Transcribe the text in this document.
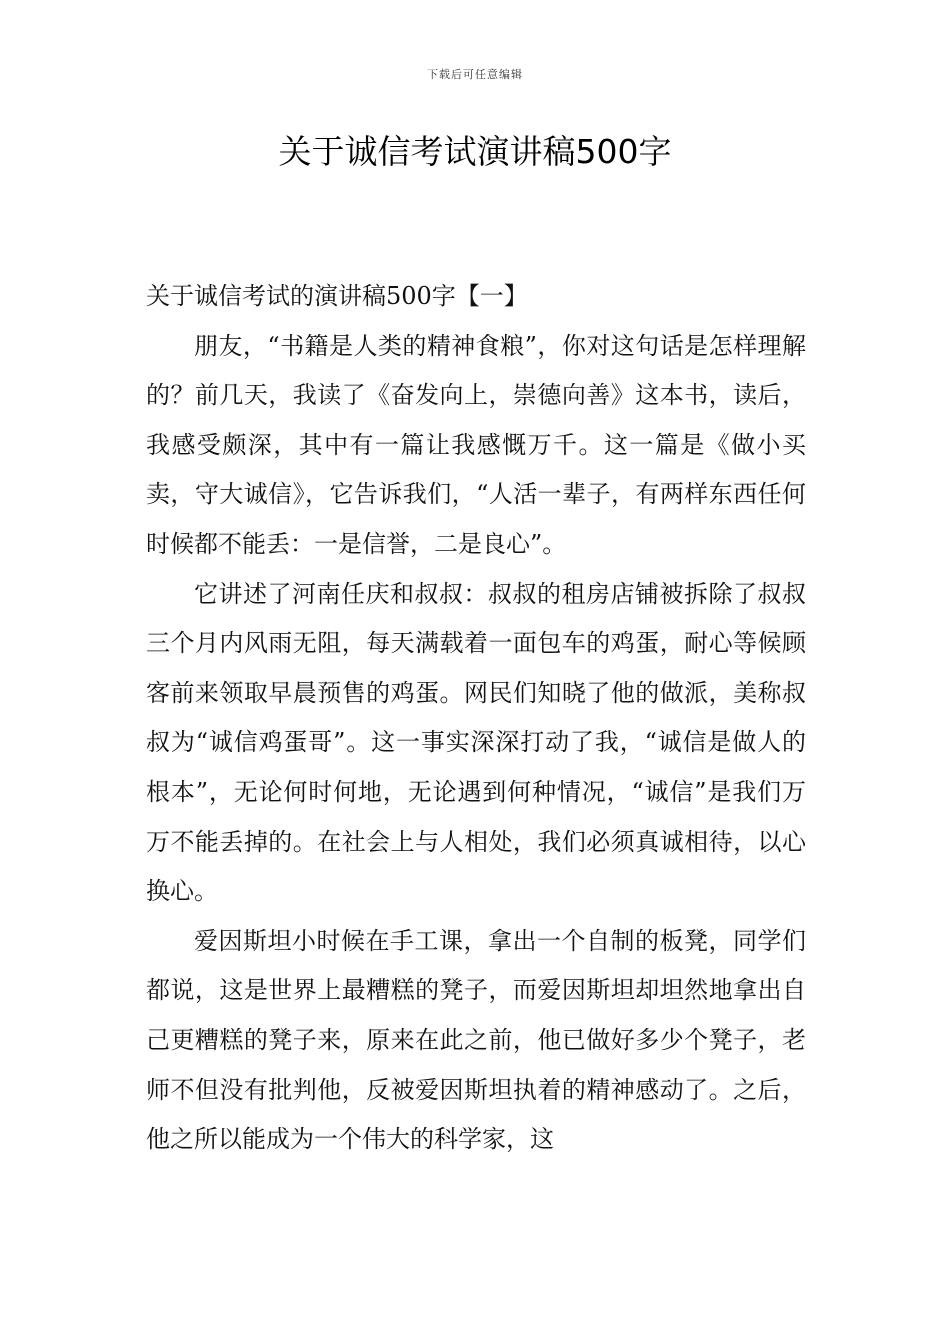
下载后可任意编辑
关于诚信考试演讲稿500字

关于诚信考试的演讲稿500字【一】

朋友，“书籍是人类的精神食粮”，你对这句话是怎样理解的？前几天，我读了《奋发向上，崇德向善》这本书，读后，我感受颇深，其中有一篇让我感慨万千。这一篇是《做小买卖，守大诚信》，它告诉我们，“人活一辈子，有两样东西任何时候都不能丢：一是信誉，二是良心”。

它讲述了河南任庆和叔叔：叔叔的租房店铺被拆除了叔叔三个月内风雨无阻，每天满载着一面包车的鸡蛋，耐心等候顾客前来领取早晨预售的鸡蛋。网民们知晓了他的做派，美称叔叔为“诚信鸡蛋哥”。这一事实深深打动了我，“诚信是做人的根本”，无论何时何地，无论遇到何种情况，“诚信”是我们万万不能丢掉的。在社会上与人相处，我们必须真诚相待，以心换心。

爱因斯坦小时候在手工课，拿出一个自制的板凳，同学们都说，这是世界上最糟糕的凳子，而爱因斯坦却坦然地拿出自己更糟糕的凳子来，原来在此之前，他已做好多少个凳子，老师不但没有批判他，反被爱因斯坦执着的精神感动了。之后，他之所以能成为一个伟大的科学家，这
